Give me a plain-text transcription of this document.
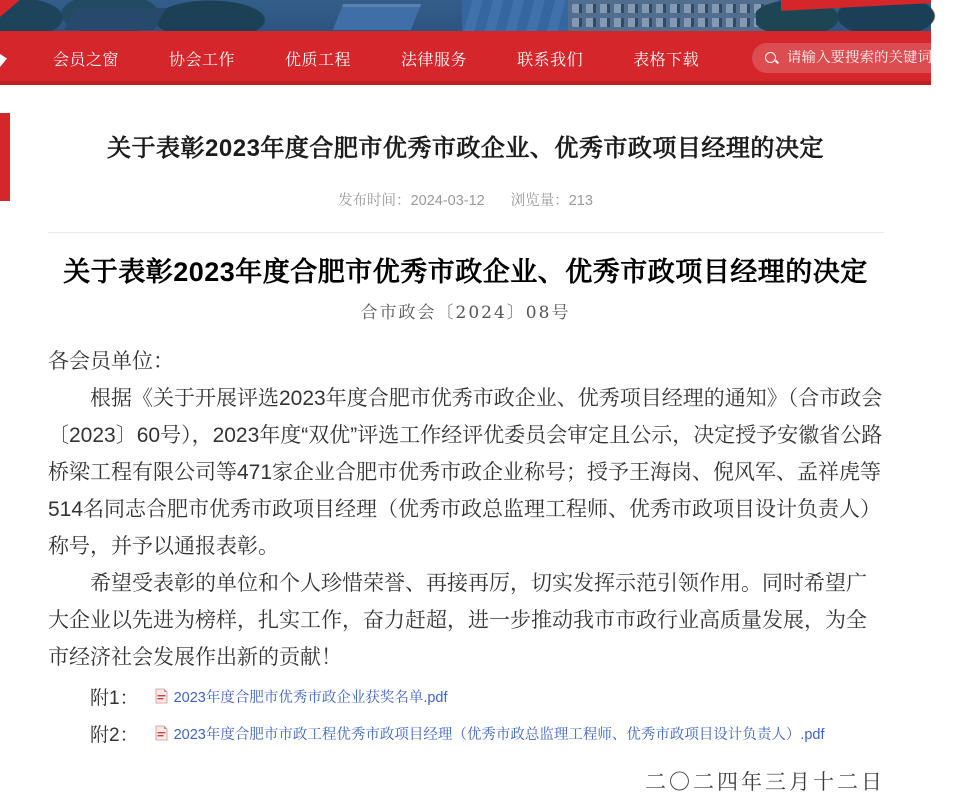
会员之窗	协会工作	优质工程	法律服务	联系我们	表格下载
请输入要搜索的关键词
关于表彰2023年度合肥市优秀市政企业、优秀市政项目经理的决定
发布时间：2024-03-12 浏览量：213
关于表彰2023年度合肥市优秀市政企业、优秀市政项目经理的决定
合市政会〔2024〕08号

各会员单位：

根据《关于开展评选2023年度合肥市优秀市政企业、优秀项目经理的通知》（合市政会〔2023〕60号），2023年度“双优”评选工作经评优委员会审定且公示，决定授予安徽省公路桥梁工程有限公司等471家企业合肥市优秀市政企业称号；授予王海岗、倪风军、孟祥虎等514名同志合肥市优秀市政项目经理（优秀市政总监理工程师、优秀市政项目设计负责人）称号，并予以通报表彰。

希望受表彰的单位和个人珍惜荣誉、再接再厉，切实发挥示范引领作用。同时希望广大企业以先进为榜样，扎实工作，奋力赶超，进一步推动我市市政行业高质量发展，为全市经济社会发展作出新的贡献！

附1： 2023年度合肥市优秀市政企业获奖名单.pdf
附2： 2023年度合肥市市政工程优秀市政项目经理（优秀市政总监理工程师、优秀市政项目设计负责人）.pdf
二〇二四年三月十二日
